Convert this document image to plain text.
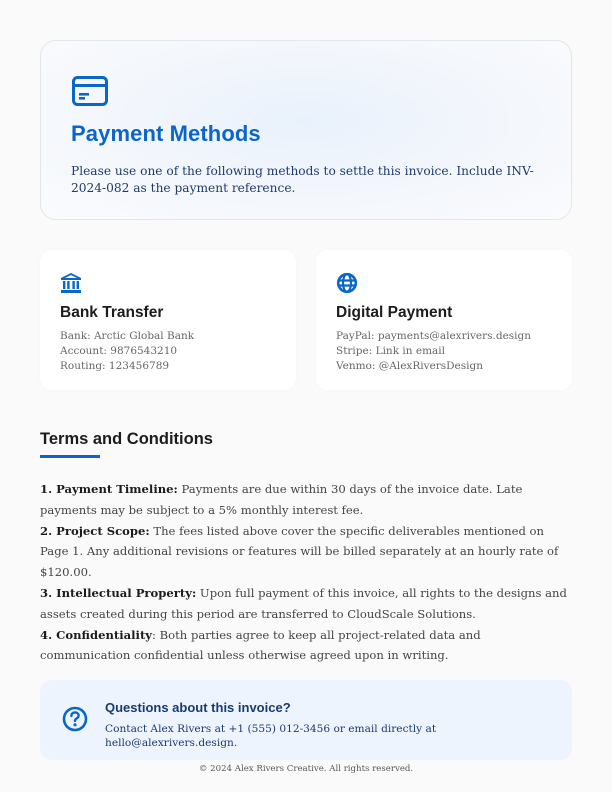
Payment Methods

Please use one of the following methods to settle this invoice. Include INV-2024-082 as the payment reference.

Bank Transfer
Bank: Arctic Global Bank
Account: 9876543210
Routing: 123456789
Digital Payment
PayPal: payments@alexrivers.design
Stripe: Link in email
Venmo: @AlexRiversDesign
Terms and Conditions
1. Payment Timeline: Payments are due within 30 days of the invoice date. Late payments may be subject to a 5% monthly interest fee.
2. Project Scope: The fees listed above cover the specific deliverables mentioned on Page 1. Any additional revisions or features will be billed separately at an hourly rate of $120.00.
3. Intellectual Property: Upon full payment of this invoice, all rights to the designs and assets created during this period are transferred to CloudScale Solutions.
4. Confidentiality: Both parties agree to keep all project-related data and communication confidential unless otherwise agreed upon in writing.
Questions about this invoice?
Contact Alex Rivers at +1 (555) 012-3456 or email directly at hello@alexrivers.design.
© 2024 Alex Rivers Creative. All rights reserved.
